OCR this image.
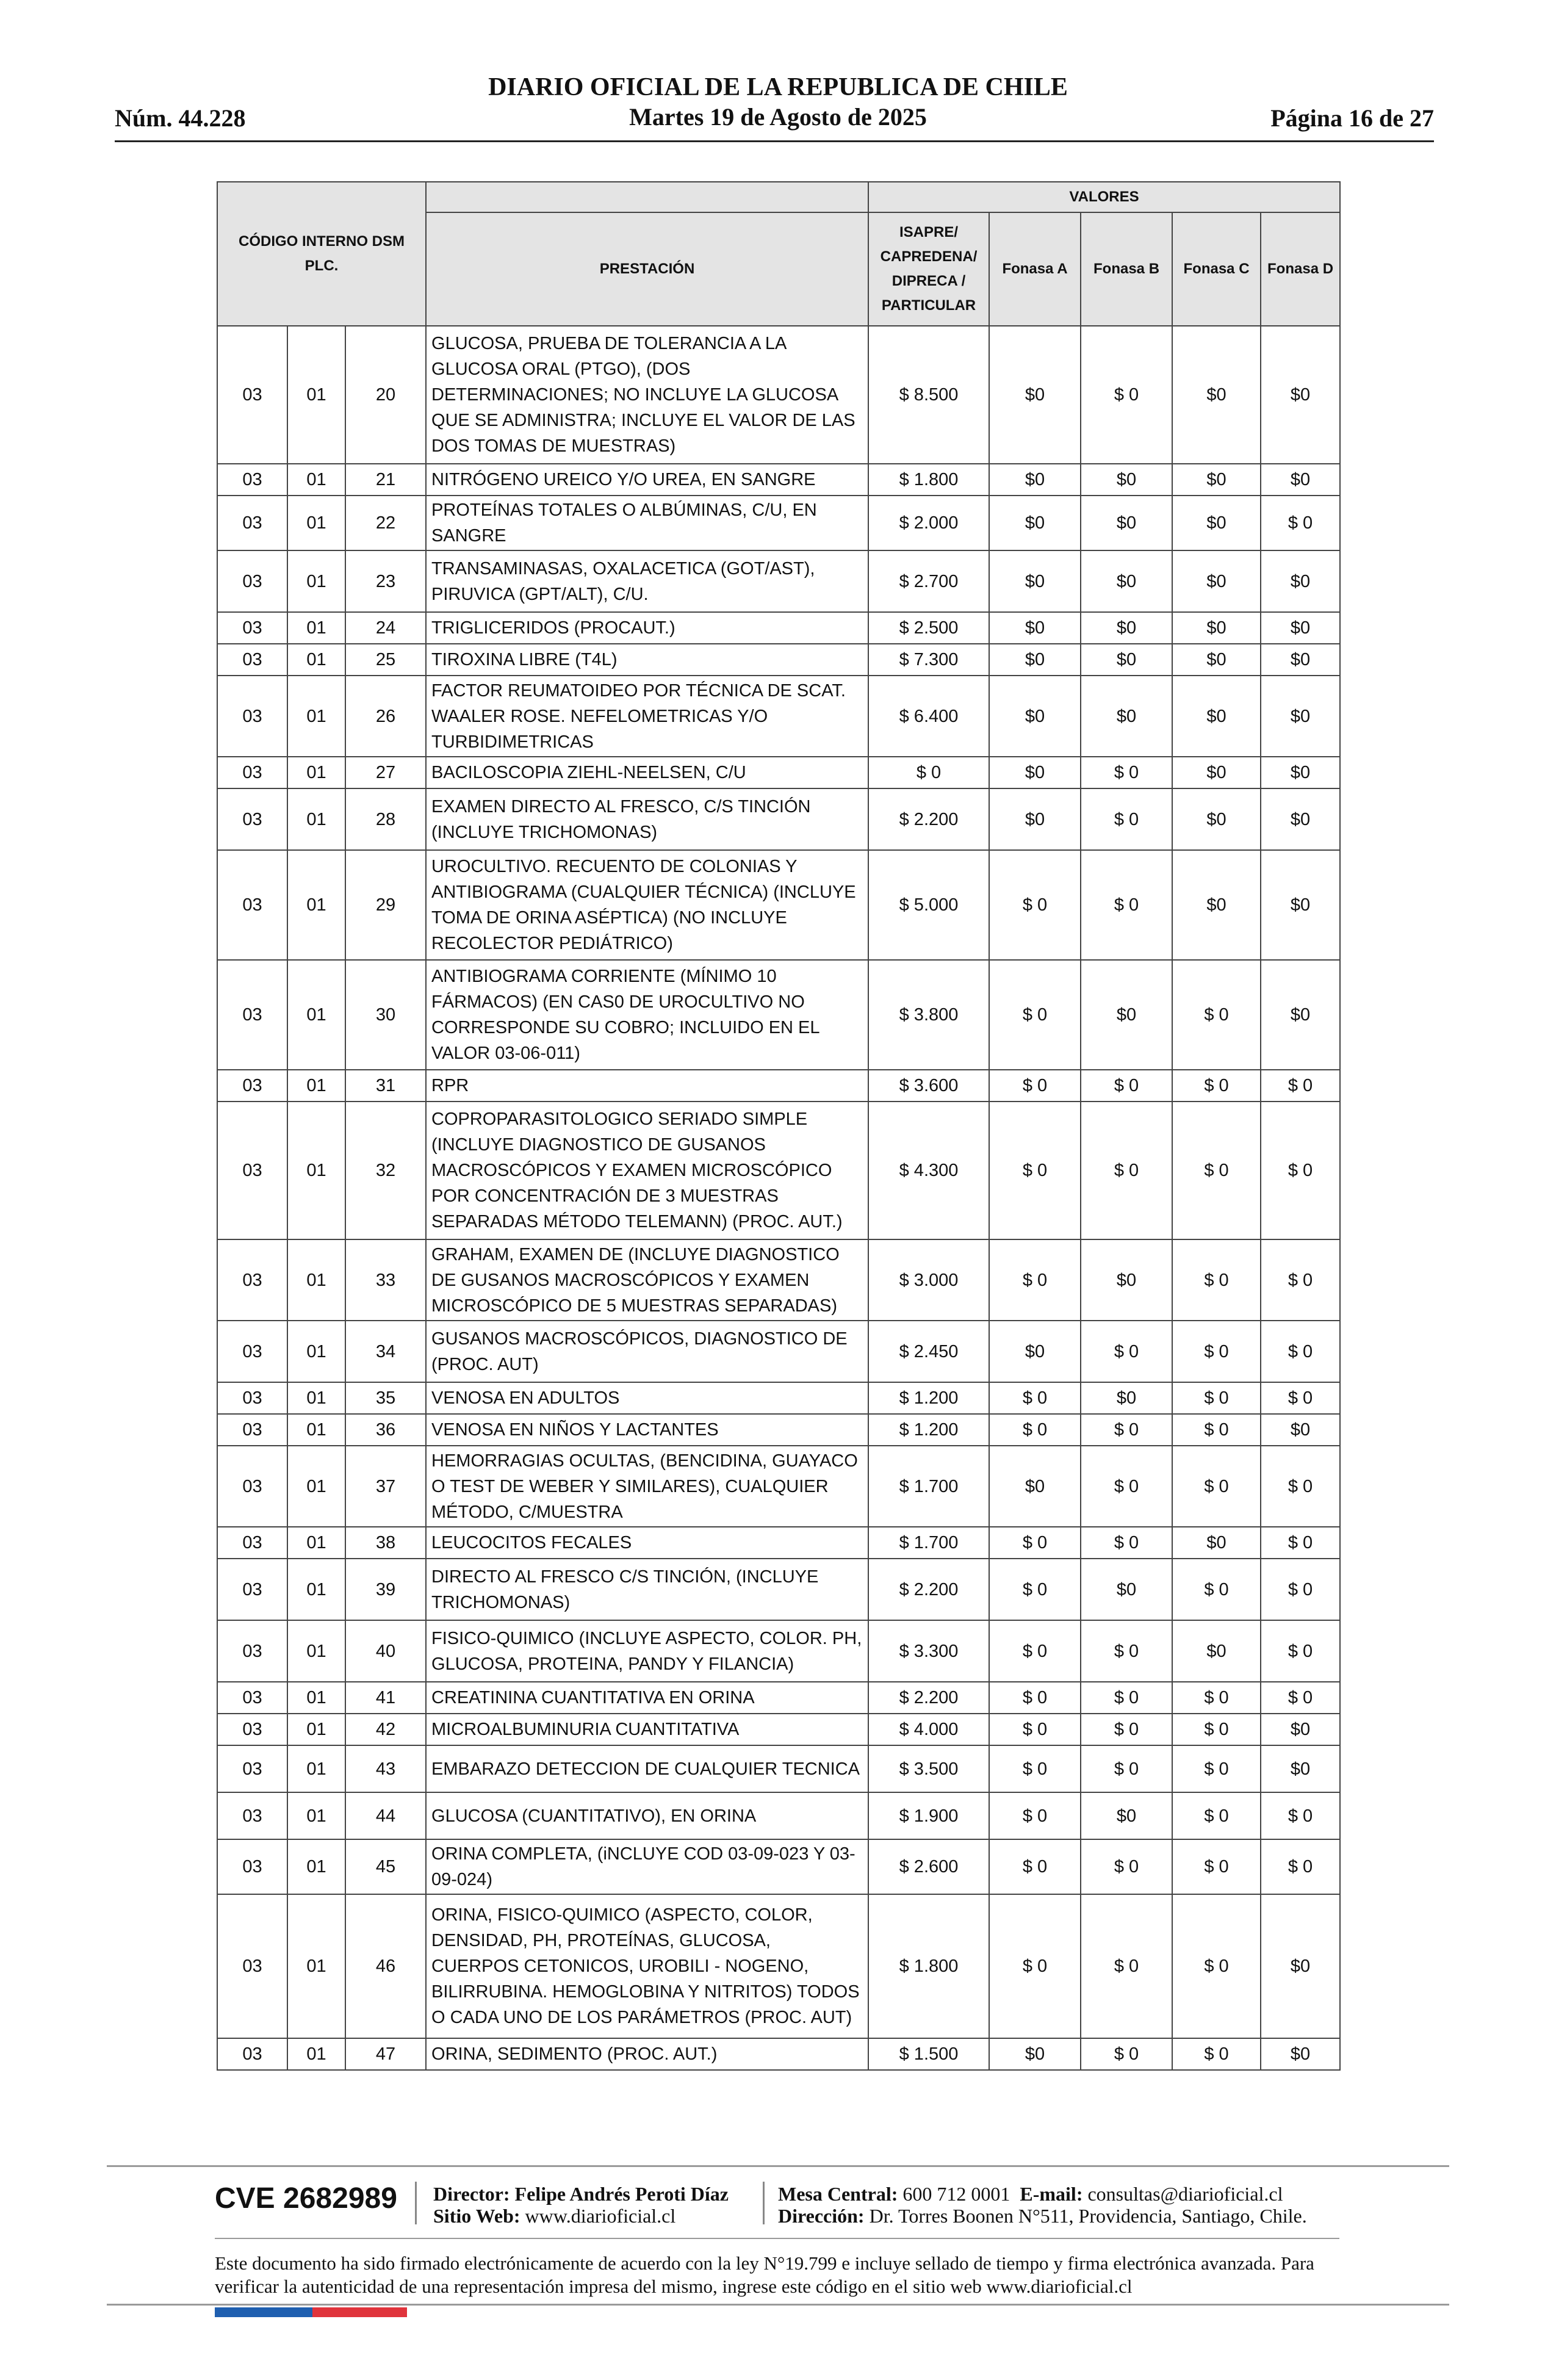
Núm. 44.228
DIARIO OFICIAL DE LA REPUBLICA DE CHILE
Martes 19 de Agosto de 2025	Página 16 de 27
CÓDIGO INTERNO DSM PLC.				VALORES				
			PRESTACIÓN	ISAPRE/ CAPREDENA/ DIPRECA / PARTICULAR	Fonasa A	Fonasa B	Fonasa C	Fonasa D
03	01	20	GLUCOSA, PRUEBA DE TOLERANCIA A LA GLUCOSA ORAL (PTGO), (DOS DETERMINACIONES; NO INCLUYE LA GLUCOSA QUE SE ADMINISTRA; INCLUYE EL VALOR DE LAS DOS TOMAS DE MUESTRAS)	$ 8.500	$0	$ 0	$0	$0
03	01	21	NITRÓGENO UREICO Y/O UREA, EN SANGRE	$ 1.800	$0	$0	$0	$0
03	01	22	PROTEÍNAS TOTALES O ALBÚMINAS, C/U, EN SANGRE	$ 2.000	$0	$0	$0	$ 0
03	01	23	TRANSAMINASAS, OXALACETICA (GOT/AST), PIRUVICA (GPT/ALT), C/U.	$ 2.700	$0	$0	$0	$0
03	01	24	TRIGLICERIDOS (PROCAUT.)	$ 2.500	$0	$0	$0	$0
03	01	25	TIROXINA LIBRE (T4L)	$ 7.300	$0	$0	$0	$0
03	01	26	FACTOR REUMATOIDEO POR TÉCNICA DE SCAT. WAALER ROSE. NEFELOMETRICAS Y/O TURBIDIMETRICAS	$ 6.400	$0	$0	$0	$0
03	01	27	BACILOSCOPIA ZIEHL-NEELSEN, C/U	$ 0	$0	$ 0	$0	$0
03	01	28	EXAMEN DIRECTO AL FRESCO, C/S TINCIÓN (INCLUYE TRICHOMONAS)	$ 2.200	$0	$ 0	$0	$0
03	01	29	UROCULTIVO. RECUENTO DE COLONIAS Y ANTIBIOGRAMA (CUALQUIER TÉCNICA) (INCLUYE TOMA DE ORINA ASÉPTICA) (NO INCLUYE RECOLECTOR PEDIÁTRICO)	$ 5.000	$ 0	$ 0	$0	$0
03	01	30	ANTIBIOGRAMA CORRIENTE (MÍNIMO 10 FÁRMACOS) (EN CAS0 DE UROCULTIVO NO CORRESPONDE SU COBRO; INCLUIDO EN EL VALOR 03-06-011)	$ 3.800	$ 0	$0	$ 0	$0
03	01	31	RPR	$ 3.600	$ 0	$ 0	$ 0	$ 0
03	01	32	COPROPARASITOLOGICO SERIADO SIMPLE (INCLUYE DIAGNOSTICO DE GUSANOS MACROSCÓPICOS Y EXAMEN MICROSCÓPICO POR CONCENTRACIÓN DE 3 MUESTRAS SEPARADAS MÉTODO TELEMANN) (PROC. AUT.)	$ 4.300	$ 0	$ 0	$ 0	$ 0
03	01	33	GRAHAM, EXAMEN DE (INCLUYE DIAGNOSTICO DE GUSANOS MACROSCÓPICOS Y EXAMEN MICROSCÓPICO DE 5 MUESTRAS SEPARADAS)	$ 3.000	$ 0	$0	$ 0	$ 0
03	01	34	GUSANOS MACROSCÓPICOS, DIAGNOSTICO DE (PROC. AUT)	$ 2.450	$0	$ 0	$ 0	$ 0
03	01	35	VENOSA EN ADULTOS	$ 1.200	$ 0	$0	$ 0	$ 0
03	01	36	VENOSA EN NIÑOS Y LACTANTES	$ 1.200	$ 0	$ 0	$ 0	$0
03	01	37	HEMORRAGIAS OCULTAS, (BENCIDINA, GUAYACO O TEST DE WEBER Y SIMILARES), CUALQUIER MÉTODO, C/MUESTRA	$ 1.700	$0	$ 0	$ 0	$ 0
03	01	38	LEUCOCITOS FECALES	$ 1.700	$ 0	$ 0	$0	$ 0
03	01	39	DIRECTO AL FRESCO C/S TINCIÓN, (INCLUYE TRICHOMONAS)	$ 2.200	$ 0	$0	$ 0	$ 0
03	01	40	FISICO-QUIMICO (INCLUYE ASPECTO, COLOR. PH, GLUCOSA, PROTEINA, PANDY Y FILANCIA)	$ 3.300	$ 0	$ 0	$0	$ 0
03	01	41	CREATININA CUANTITATIVA EN ORINA	$ 2.200	$ 0	$ 0	$ 0	$ 0
03	01	42	MICROALBUMINURIA CUANTITATIVA	$ 4.000	$ 0	$ 0	$ 0	$0
03	01	43	EMBARAZO DETECCION DE CUALQUIER TECNICA	$ 3.500	$ 0	$ 0	$ 0	$0
03	01	44	GLUCOSA (CUANTITATIVO), EN ORINA	$ 1.900	$ 0	$0	$ 0	$ 0
03	01	45	ORINA COMPLETA, (iNCLUYE COD 03-09-023 Y 03-09-024)	$ 2.600	$ 0	$ 0	$ 0	$ 0
03	01	46	ORINA, FISICO-QUIMICO (ASPECTO, COLOR, DENSIDAD, PH, PROTEÍNAS, GLUCOSA, CUERPOS CETONICOS, UROBILI - NOGENO, BILIRRUBINA. HEMOGLOBINA Y NITRITOS) TODOS O CADA UNO DE LOS PARÁMETROS (PROC. AUT)	$ 1.800	$ 0	$ 0	$ 0	$0
03	01	47	ORINA, SEDIMENTO (PROC. AUT.)	$ 1.500	$0	$ 0	$ 0	$0
CVE 2682989 Director: Felipe Andrés Peroti Díaz
Sitio Web: www.diarioficial.cl
Mesa Central: 600 712 0001 E-mail: consultas@diarioficial.cl
Dirección: Dr. Torres Boonen N°511, Providencia, Santiago, Chile.
Este documento ha sido firmado electrónicamente de acuerdo con la ley N°19.799 e incluye sellado de tiempo y firma electrónica avanzada. Para verificar la autenticidad de una representación impresa del mismo, ingrese este código en el sitio web www.diarioficial.cl
